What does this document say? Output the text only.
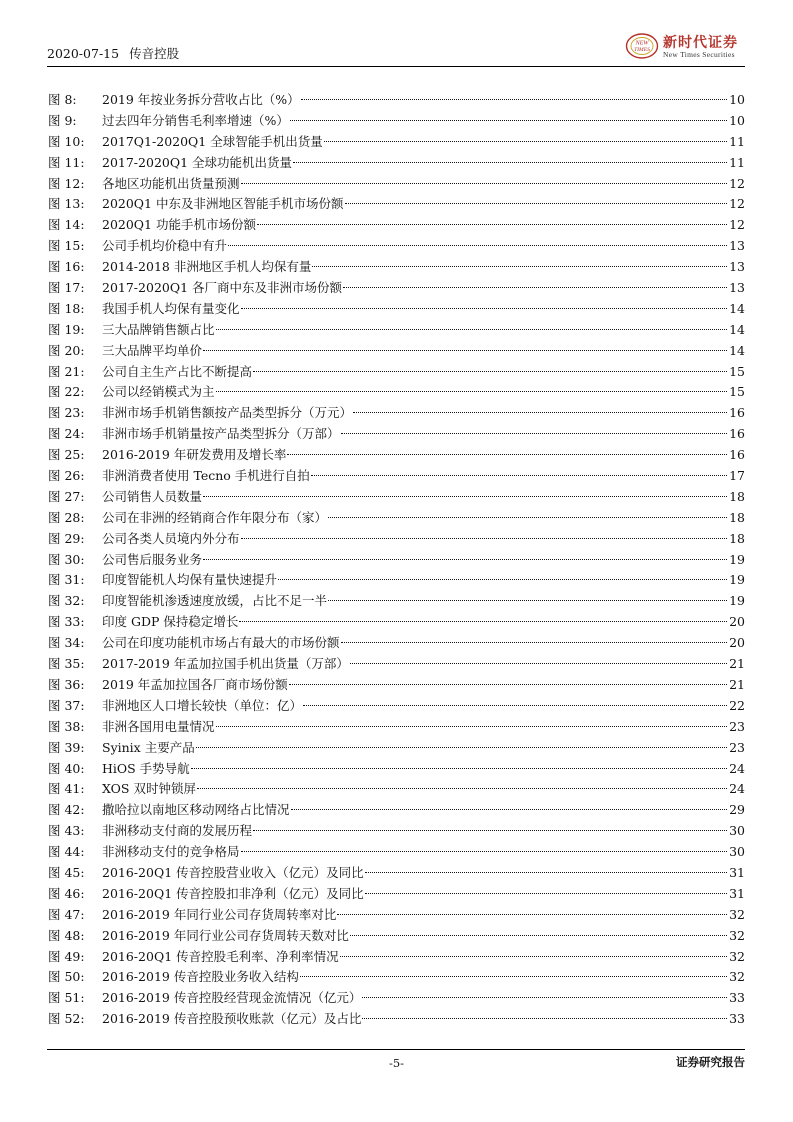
2020-07-15 传音控股
NEW
TIMES 新时代证券
New Times Securities
图 8:	2019 年按业务拆分营收占比（%）	10
图 9:	过去四年分销售毛利率增速（%）	10
图 10:	2017Q1-2020Q1 全球智能手机出货量	11
图 11:	2017-2020Q1 全球功能机出货量	11
图 12:	各地区功能机出货量预测	12
图 13:	2020Q1 中东及非洲地区智能手机市场份额	12
图 14:	2020Q1 功能手机市场份额	12
图 15:	公司手机均价稳中有升	13
图 16:	2014-2018 非洲地区手机人均保有量	13
图 17:	2017-2020Q1 各厂商中东及非洲市场份额	13
图 18:	我国手机人均保有量变化	14
图 19:	三大品牌销售额占比	14
图 20:	三大品牌平均单价	14
图 21:	公司自主生产占比不断提高	15
图 22:	公司以经销模式为主	15
图 23:	非洲市场手机销售额按产品类型拆分（万元）	16
图 24:	非洲市场手机销量按产品类型拆分（万部）	16
图 25:	2016-2019 年研发费用及增长率	16
图 26:	非洲消费者使用 Tecno 手机进行自拍	17
图 27:	公司销售人员数量	18
图 28:	公司在非洲的经销商合作年限分布（家）	18
图 29:	公司各类人员境内外分布	18
图 30:	公司售后服务业务	19
图 31:	印度智能机人均保有量快速提升	19
图 32:	印度智能机渗透速度放缓，占比不足一半	19
图 33:	印度 GDP 保持稳定增长	20
图 34:	公司在印度功能机市场占有最大的市场份额	20
图 35:	2017-2019 年孟加拉国手机出货量（万部）	21
图 36:	2019 年孟加拉国各厂商市场份额	21
图 37:	非洲地区人口增长较快（单位：亿）	22
图 38:	非洲各国用电量情况	23
图 39:	Syinix 主要产品	23
图 40:	HiOS 手势导航	24
图 41:	XOS 双时钟锁屏	24
图 42:	撒哈拉以南地区移动网络占比情况	29
图 43:	非洲移动支付商的发展历程	30
图 44:	非洲移动支付的竞争格局	30
图 45:	2016-20Q1 传音控股营业收入（亿元）及同比	31
图 46:	2016-20Q1 传音控股扣非净利（亿元）及同比	31
图 47:	2016-2019 年同行业公司存货周转率对比	32
图 48:	2016-2019 年同行业公司存货周转天数对比	32
图 49:	2016-20Q1 传音控股毛利率、净利率情况	32
图 50:	2016-2019 传音控股业务收入结构	32
图 51:	2016-2019 传音控股经营现金流情况（亿元）	33
图 52:	2016-2019 传音控股预收账款（亿元）及占比	33
-5-	证券研究报告
